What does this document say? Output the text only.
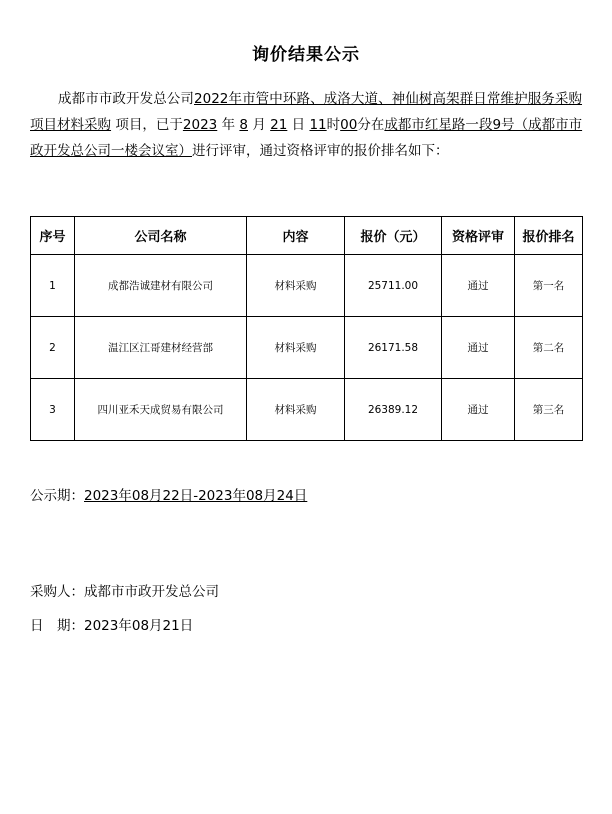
询价结果公示
成都市市政开发总公司2022年市管中环路、成洛大道、神仙树高架群日常维护服务采购项目材料采购 项目，已于2023 年 8 月 21 日 11时00分在成都市红星路一段9号（成都市市政开发总公司一楼会议室）进行评审，通过资格评审的报价排名如下：
序号	公司名称	内容	报价（元）	资格评审	报价排名
1	成都浩诚建材有限公司	材料采购	25711.00	通过	第一名
2	温江区江哥建材经营部	材料采购	26171.58	通过	第二名
3	四川亚禾天成贸易有限公司	材料采购	26389.12	通过	第三名
公示期：2023年08月22日-2023年08月24日
采购人：成都市市政开发总公司
日　期：2023年08月21日
